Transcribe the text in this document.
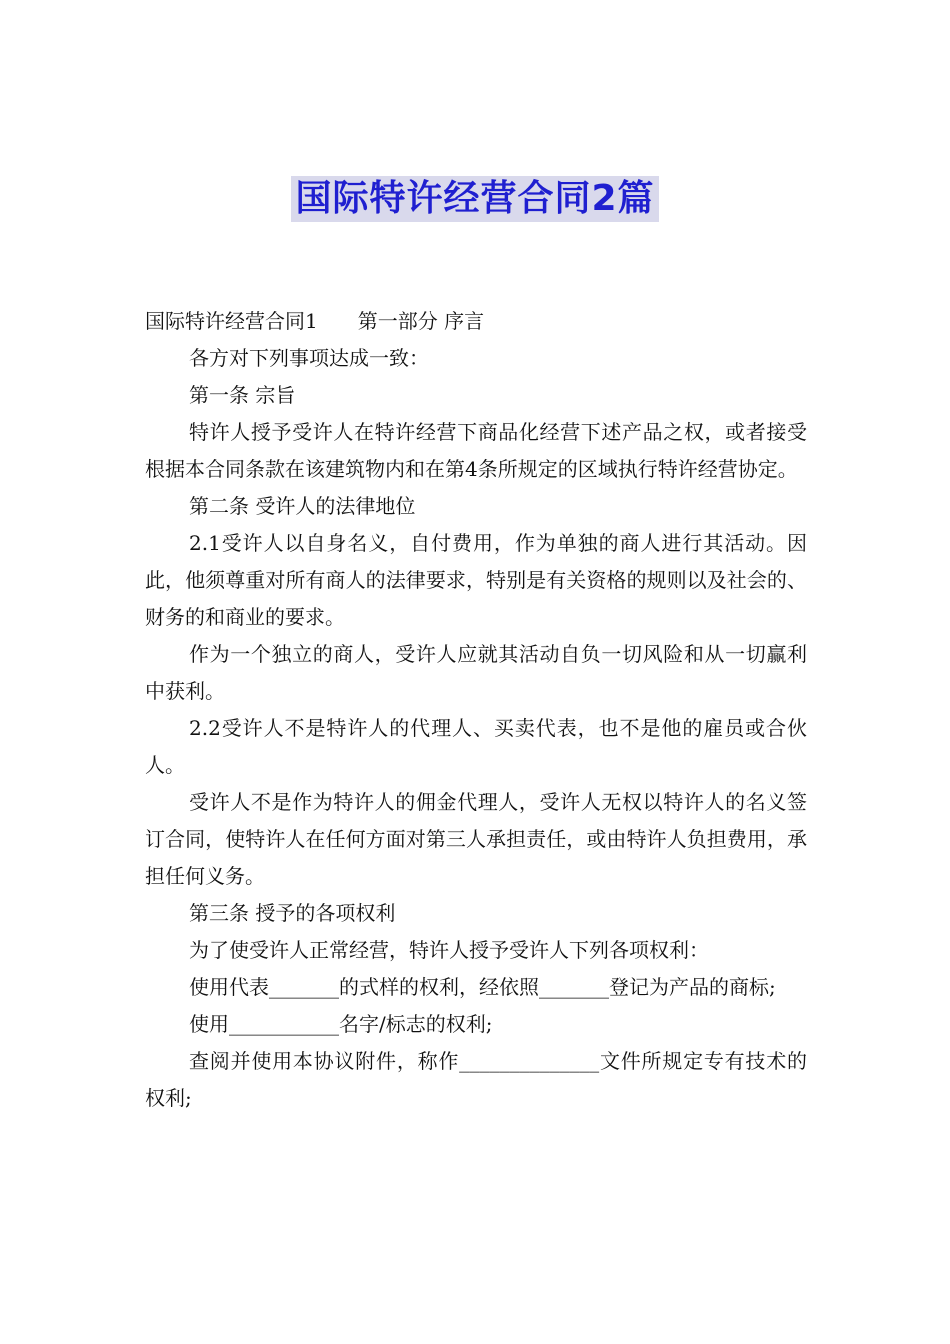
国际特许经营合同2篇

国际特许经营合同1 第一部分 序言

各方对下列事项达成一致：

第一条 宗旨

特许人授予受许人在特许经营下商品化经营下述产品之权，或者接受根据本合同条款在该建筑物内和在第4条所规定的区域执行特许经营协定。

第二条 受许人的法律地位

2.1受许人以自身名义，自付费用，作为单独的商人进行其活动。因此，他须尊重对所有商人的法律要求，特别是有关资格的规则以及社会的、财务的和商业的要求。

作为一个独立的商人，受许人应就其活动自负一切风险和从一切赢利中获利。

2.2受许人不是特许人的代理人、买卖代表，也不是他的雇员或合伙人。

受许人不是作为特许人的佣金代理人，受许人无权以特许人的名义签订合同，使特许人在任何方面对第三人承担责任，或由特许人负担费用，承担任何义务。

第三条 授予的各项权利

为了使受许人正常经营，特许人授予受许人下列各项权利：

使用代表_______的式样的权利，经依照_______登记为产品的商标;

使用___________名字/标志的权利;

查阅并使用本协议附件，称作______________文件所规定专有技术的权利;
